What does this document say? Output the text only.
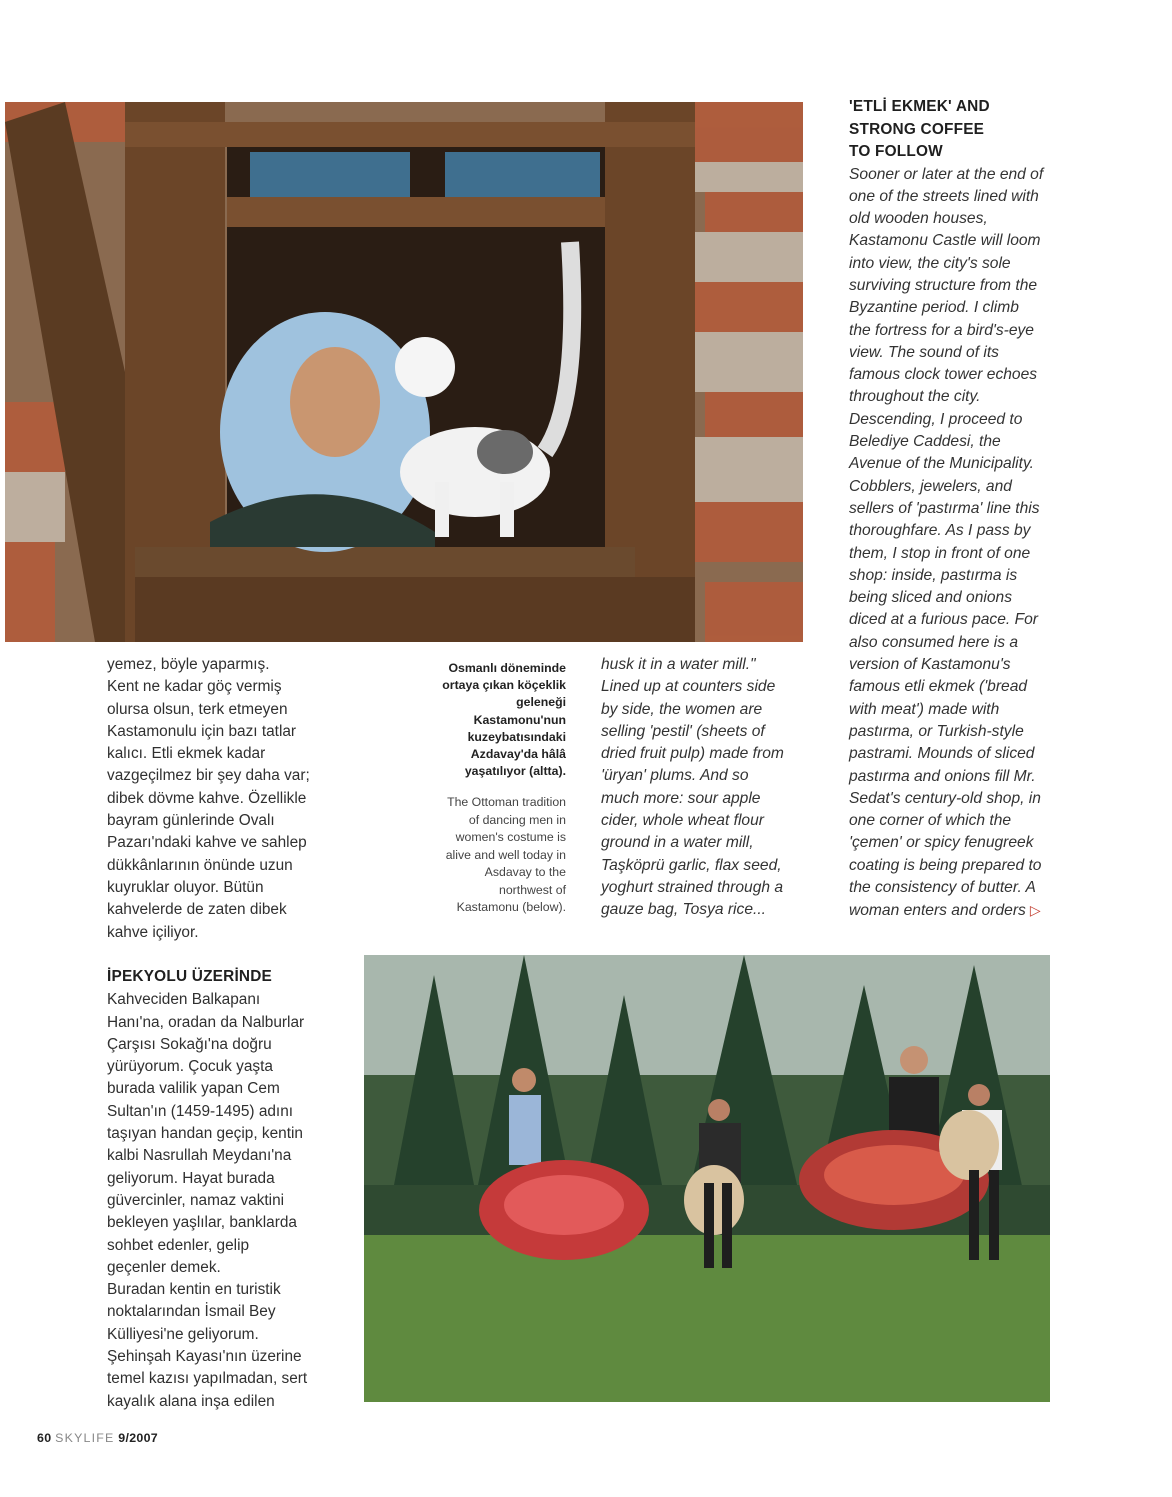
yemez, böyle yaparmış.

Kent ne kadar göç vermiş

olursa olsun, terk etmeyen

Kastamonulu için bazı tatlar

kalıcı. Etli ekmek kadar

vazgeçilmez bir şey daha var;

dibek dövme kahve. Özellikle

bayram günlerinde Ovalı

Pazarı'ndaki kahve ve sahlep

dükkânlarının önünde uzun

kuyruklar oluyor. Bütün

kahvelerde de zaten dibek

kahve içiliyor.

İPEKYOLU ÜZERİNDE

Kahveciden Balkapanı

Hanı'na, oradan da Nalburlar

Çarşısı Sokağı'na doğru

yürüyorum. Çocuk yaşta

burada valilik yapan Cem

Sultan'ın (1459-1495) adını

taşıyan handan geçip, kentin

kalbi Nasrullah Meydanı'na

geliyorum. Hayat burada

güvercinler, namaz vaktini

bekleyen yaşlılar, banklarda

sohbet edenler, gelip

geçenler demek.

Buradan kentin en turistik

noktalarından İsmail Bey

Külliyesi'ne geliyorum.

Şehinşah Kayası'nın üzerine

temel kazısı yapılmadan, sert

kayalık alana inşa edilen

Osmanlı döneminde
ortaya çıkan köçeklik
geleneği
Kastamonu'nun
kuzeybatısındaki
Azdavay'da hâlâ
yaşatılıyor (altta).
The Ottoman tradition
of dancing men in
women's costume is
alive and well today in
Asdavay to the
northwest of
Kastamonu (below).
husk it in a water mill."
Lined up at counters side
by side, the women are
selling 'pestil' (sheets of
dried fruit pulp) made from
'üryan' plums. And so
much more: sour apple
cider, whole wheat flour
ground in a water mill,
Taşköprü garlic, flax seed,
yoghurt strained through a
gauze bag, Tosya rice...
'ETLİ EKMEK' AND
STRONG COFFEE
TO FOLLOW
Sooner or later at the end of
one of the streets lined with
old wooden houses,
Kastamonu Castle will loom
into view, the city's sole
surviving structure from the
Byzantine period. I climb
the fortress for a bird's-eye
view. The sound of its
famous clock tower echoes
throughout the city.
Descending, I proceed to
Belediye Caddesi, the
Avenue of the Municipality.
Cobblers, jewelers, and
sellers of 'pastırma' line this
thoroughfare. As I pass by
them, I stop in front of one
shop: inside, pastırma is
being sliced and onions
diced at a furious pace. For
also consumed here is a
version of Kastamonu's
famous etli ekmek ('bread
with meat') made with
pastırma, or Turkish-style
pastrami. Mounds of sliced
pastırma and onions fill Mr.
Sedat's century-old shop, in
one corner of which the
'çemen' or spicy fenugreek
coating is being prepared to
the consistency of butter. A
woman enters and orders ▷
60 SKYLIFE 9/2007
